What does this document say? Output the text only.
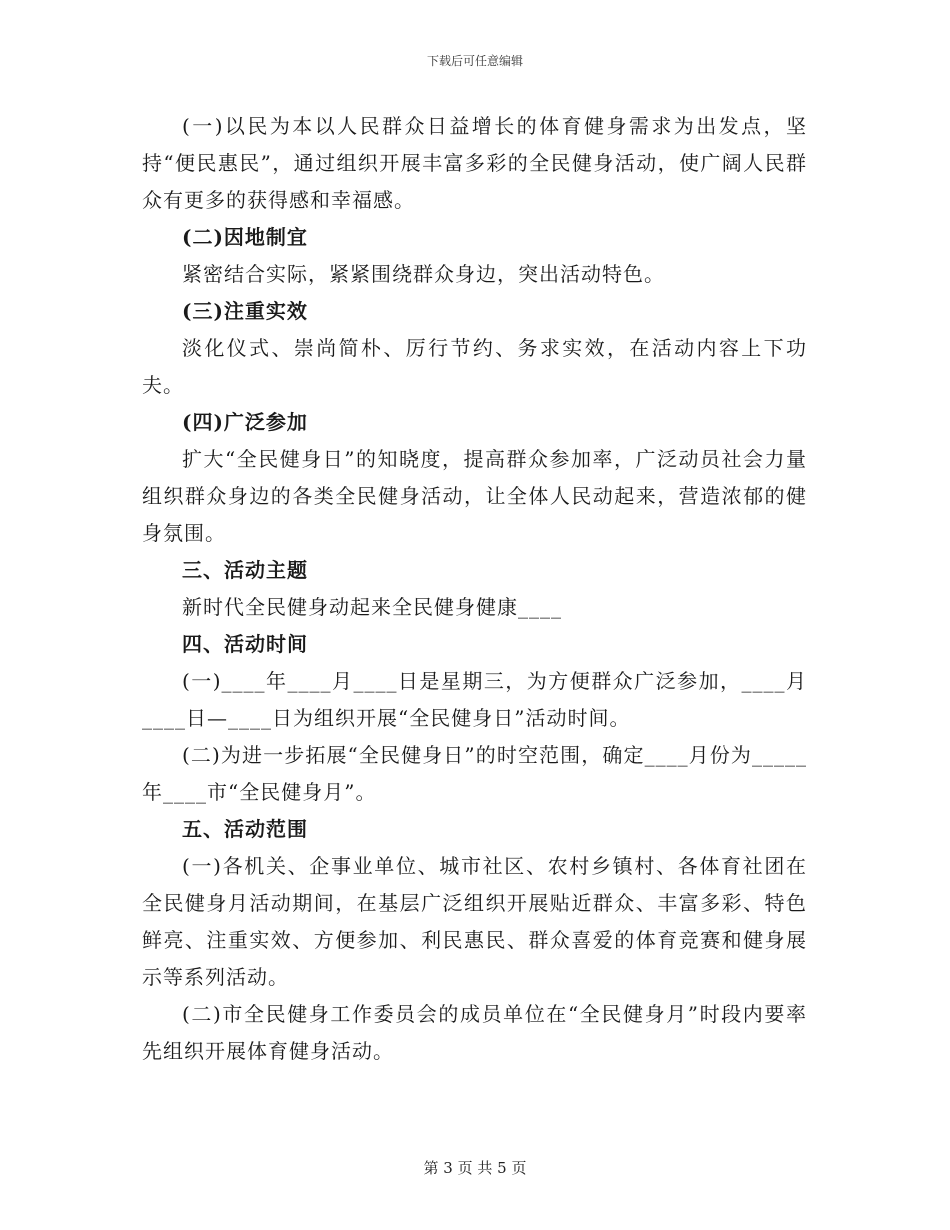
下载后可任意编辑

(一)以民为本以人民群众日益增长的体育健身需求为出发点，坚持“便民惠民”，通过组织开展丰富多彩的全民健身活动，使广阔人民群众有更多的获得感和幸福感。

(二)因地制宜

紧密结合实际，紧紧围绕群众身边，突出活动特色。

(三)注重实效

淡化仪式、崇尚简朴、厉行节约、务求实效，在活动内容上下功夫。

(四)广泛参加

扩大“全民健身日”的知晓度，提高群众参加率，广泛动员社会力量组织群众身边的各类全民健身活动，让全体人民动起来，营造浓郁的健身氛围。

三、活动主题

新时代全民健身动起来全民健身健康____

四、活动时间

(一)____年____月____日是星期三，为方便群众广泛参加，____月____日—____日为组织开展“全民健身日”活动时间。

(二)为进一步拓展“全民健身日”的时空范围，确定____月份为_____年____市“全民健身月”。

五、活动范围

(一)各机关、企事业单位、城市社区、农村乡镇村、各体育社团在全民健身月活动期间，在基层广泛组织开展贴近群众、丰富多彩、特色鲜亮、注重实效、方便参加、利民惠民、群众喜爱的体育竞赛和健身展示等系列活动。

(二)市全民健身工作委员会的成员单位在“全民健身月”时段内要率先组织开展体育健身活动。

第 3 页 共 5 页
